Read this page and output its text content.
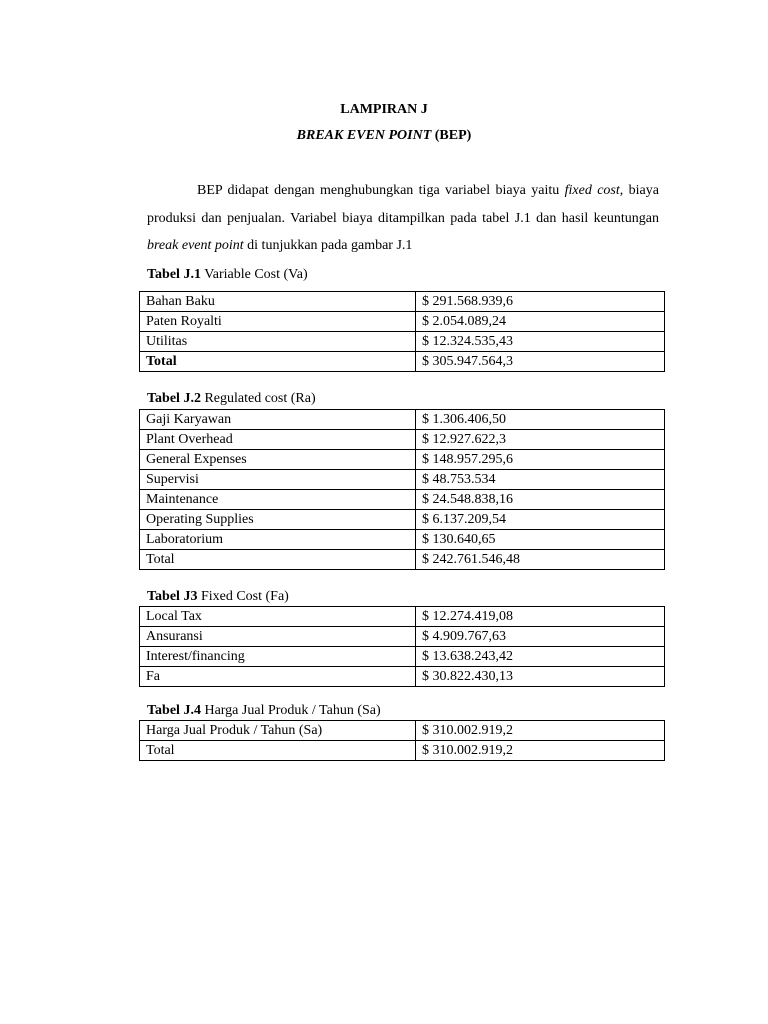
LAMPIRAN J
BREAK EVEN POINT (BEP)
BEP didapat dengan menghubungkan tiga variabel biaya yaitu fixed cost, biaya produksi dan penjualan. Variabel biaya ditampilkan pada tabel J.1 dan hasil keuntungan break event point di tunjukkan pada gambar J.1
Tabel J.1 Variable Cost (Va)
Bahan Baku	$ 291.568.939,6
Paten Royalti	$ 2.054.089,24
Utilitas	$ 12.324.535,43
Total	$ 305.947.564,3
Tabel J.2 Regulated cost (Ra)
Gaji Karyawan	$ 1.306.406,50
Plant Overhead	$ 12.927.622,3
General Expenses	$ 148.957.295,6
Supervisi	$ 48.753.534
Maintenance	$ 24.548.838,16
Operating Supplies	$ 6.137.209,54
Laboratorium	$ 130.640,65
Total	$ 242.761.546,48
Tabel J3 Fixed Cost (Fa)
Local Tax	$ 12.274.419,08
Ansuransi	$ 4.909.767,63
Interest/financing	$ 13.638.243,42
Fa	$ 30.822.430,13
Tabel J.4 Harga Jual Produk / Tahun (Sa)
Harga Jual Produk / Tahun (Sa)	$ 310.002.919,2
Total	$ 310.002.919,2
